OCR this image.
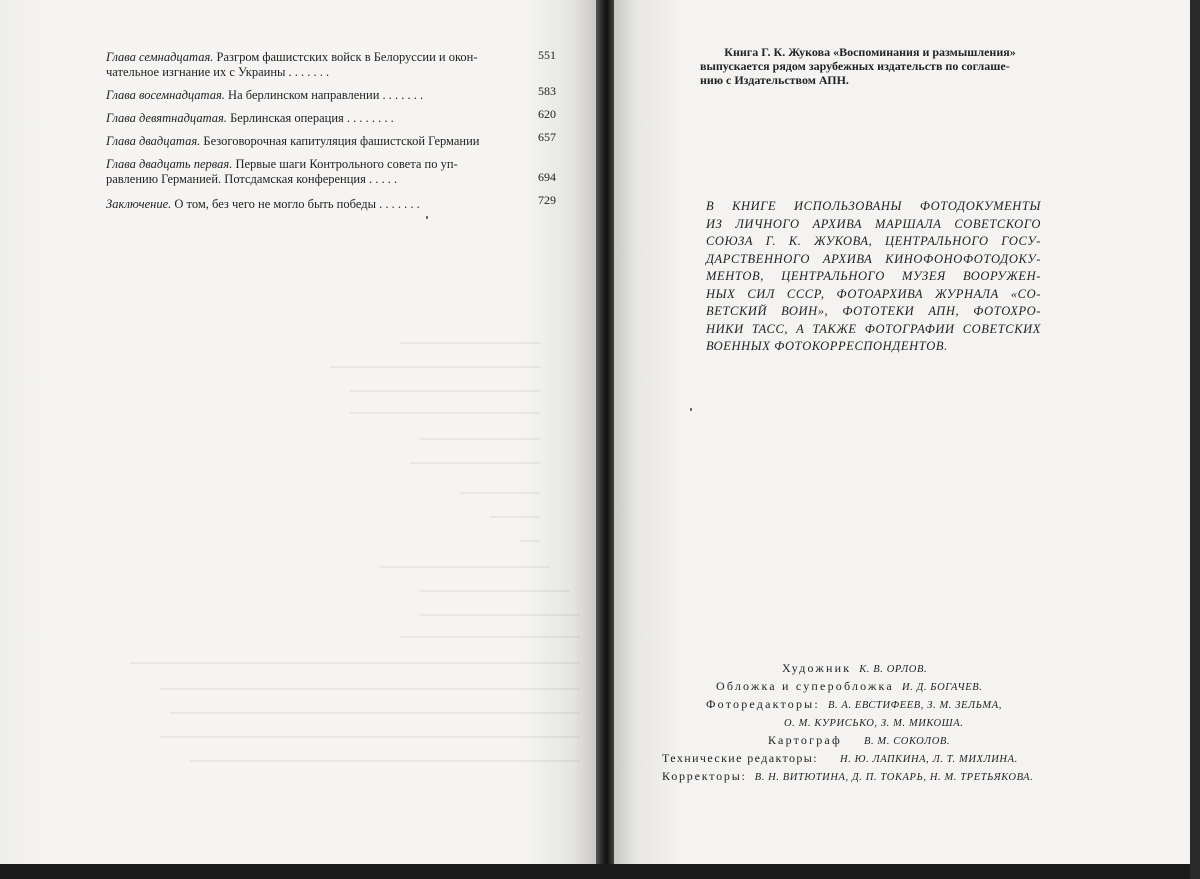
Глава семнадцатая. Разгром фашистских войск в Белоруссии и окон-
чательное изгнание их с Украины . . . . . . .
551
Глава восемнадцатая. На берлинском направлении . . . . . . .	583
Глава девятнадцатая. Берлинская операция . . . . . . . .	620
Глава двадцатая. Безоговорочная капитуляция фашистской Германии	657
Глава двадцать первая. Первые шаги Контрольного совета по уп-
равлению Германией. Потсдамская конференция . . . . .	694
Заключение. О том, без чего не могло быть победы . . . . . . .	729
Книга Г. К. Жукова «Воспоминания и размышления»
выпускается рядом зарубежных издательств по соглаше-
нию с Издательством АПН.
В КНИГЕ ИСПОЛЬЗОВАНЫ ФОТОДОКУМЕНТЫ
ИЗ ЛИЧНОГО АРХИВА МАРШАЛА СОВЕТСКОГО
СОЮЗА Г. К. ЖУКОВА, ЦЕНТРАЛЬНОГО ГОСУ-
ДАРСТВЕННОГО АРХИВА КИНОФОНОФОТОДОКУ-
МЕНТОВ, ЦЕНТРАЛЬНОГО МУЗЕЯ ВООРУЖЕН-
НЫХ СИЛ СССР, ФОТОАРХИВА ЖУРНАЛА «СО-
ВЕТСКИЙ ВОИН», ФОТОТЕКИ АПН, ФОТОХРО-
НИКИ ТАСС, А ТАКЖЕ ФОТОГРАФИИ СОВЕТСКИХ
ВОЕННЫХ ФОТОКОРРЕСПОНДЕНТОВ.
Художник К. В. ОРЛОВ.
Обложка и суперобложка И. Д. БОГАЧЕВ.
Фоторедакторы: В. А. ЕВСТИФЕЕВ, З. М. ЗЕЛЬМА,
О. М. КУРИСЬКО, З. М. МИКОША.
Картограф В. М. СОКОЛОВ.
Технические редакторы: Н. Ю. ЛАПКИНА, Л. Т. МИХЛИНА.
Корректоры: В. Н. ВИТЮТИНА, Д. П. ТОКАРЬ, Н. М. ТРЕТЬЯКОВА.
